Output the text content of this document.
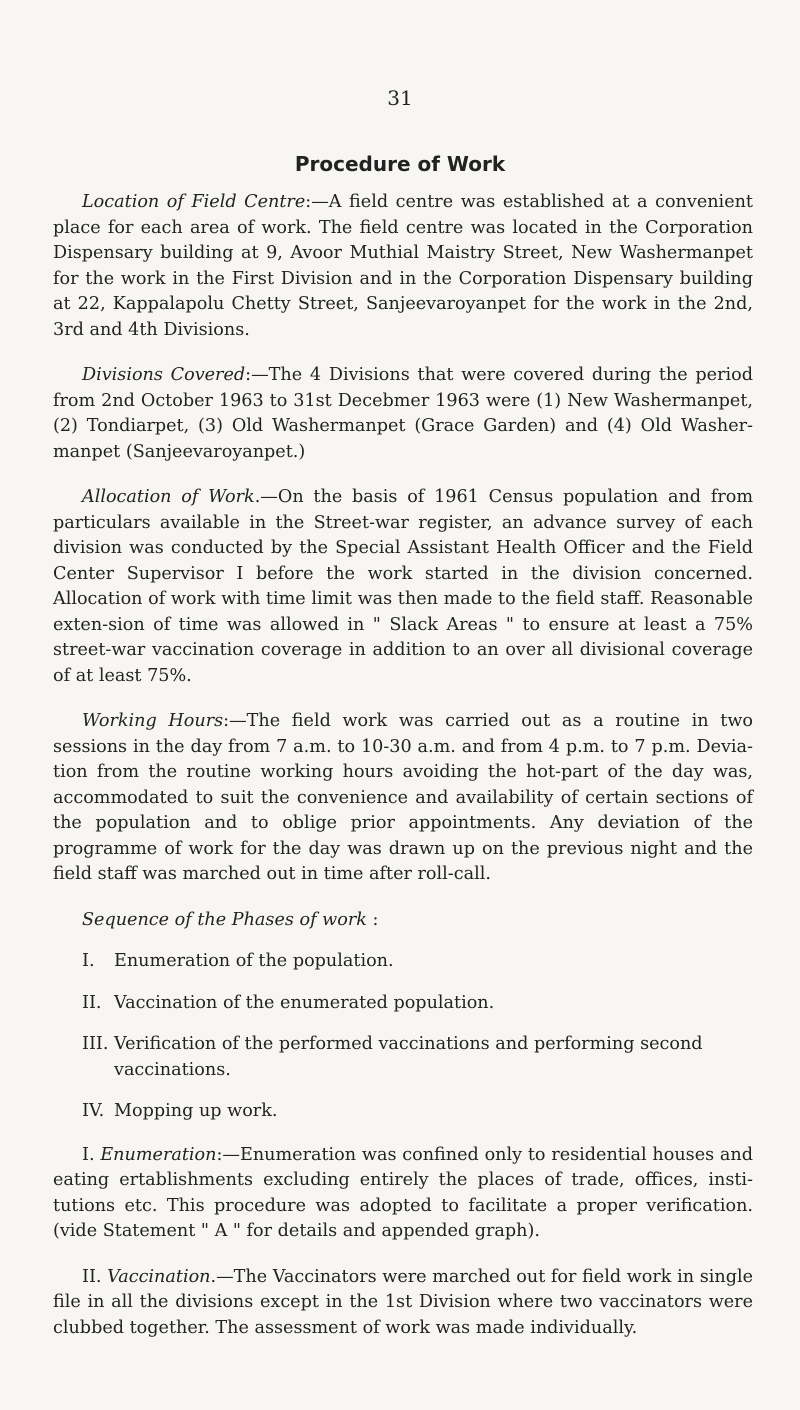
31
Procedure of Work

Location of Field Centre:—A field centre was established at a convenient place for each area of work. The field centre was located in the Corporation Dispensary building at 9, Avoor Muthial Maistry Street, New Washermanpet for the work in the First Division and in the Corporation Dispensary building at 22, Kappalapolu Chetty Street, Sanjeevaroyanpet for the work in the 2nd, 3rd and 4th Divisions.

Divisions Covered:—The 4 Divisions that were covered during the period from 2nd October 1963 to 31st Decebmer 1963 were (1) New Washermanpet, (2) Tondiarpet, (3) Old Washermanpet (Grace Garden) and (4) Old Washer-manpet (Sanjeevaroyanpet.)

Allocation of Work.—On the basis of 1961 Census population and from particulars available in the Street-war register, an advance survey of each division was conducted by the Special Assistant Health Officer and the Field Center Supervisor I before the work started in the division concerned. Allocation of work with time limit was then made to the field staff. Reasonable exten-sion of time was allowed in " Slack Areas " to ensure at least a 75% street-war vaccination coverage in addition to an over all divisional coverage of at least 75%.

Working Hours:—The field work was carried out as a routine in two sessions in the day from 7 a.m. to 10-30 a.m. and from 4 p.m. to 7 p.m. Devia-tion from the routine working hours avoiding the hot-part of the day was, accommodated to suit the convenience and availability of certain sections of the population and to oblige prior appointments. Any deviation of the programme of work for the day was drawn up on the previous night and the field staff was marched out in time after roll-call.

Sequence of the Phases of work :

I.	Enumeration of the population.
II. Vaccination of the enumerated population.
III. Verification of the performed vaccinations and performing second vaccinations.
IV. Mopping up work.

I. Enumeration:—Enumeration was confined only to residential houses and eating ertablishments excluding entirely the places of trade, offices, insti-tutions etc. This procedure was adopted to facilitate a proper verification. (vide Statement " A " for details and appended graph).

II. Vaccination.—The Vaccinators were marched out for field work in single file in all the divisions except in the 1st Division where two vaccinators were clubbed together. The assessment of work was made individually.
